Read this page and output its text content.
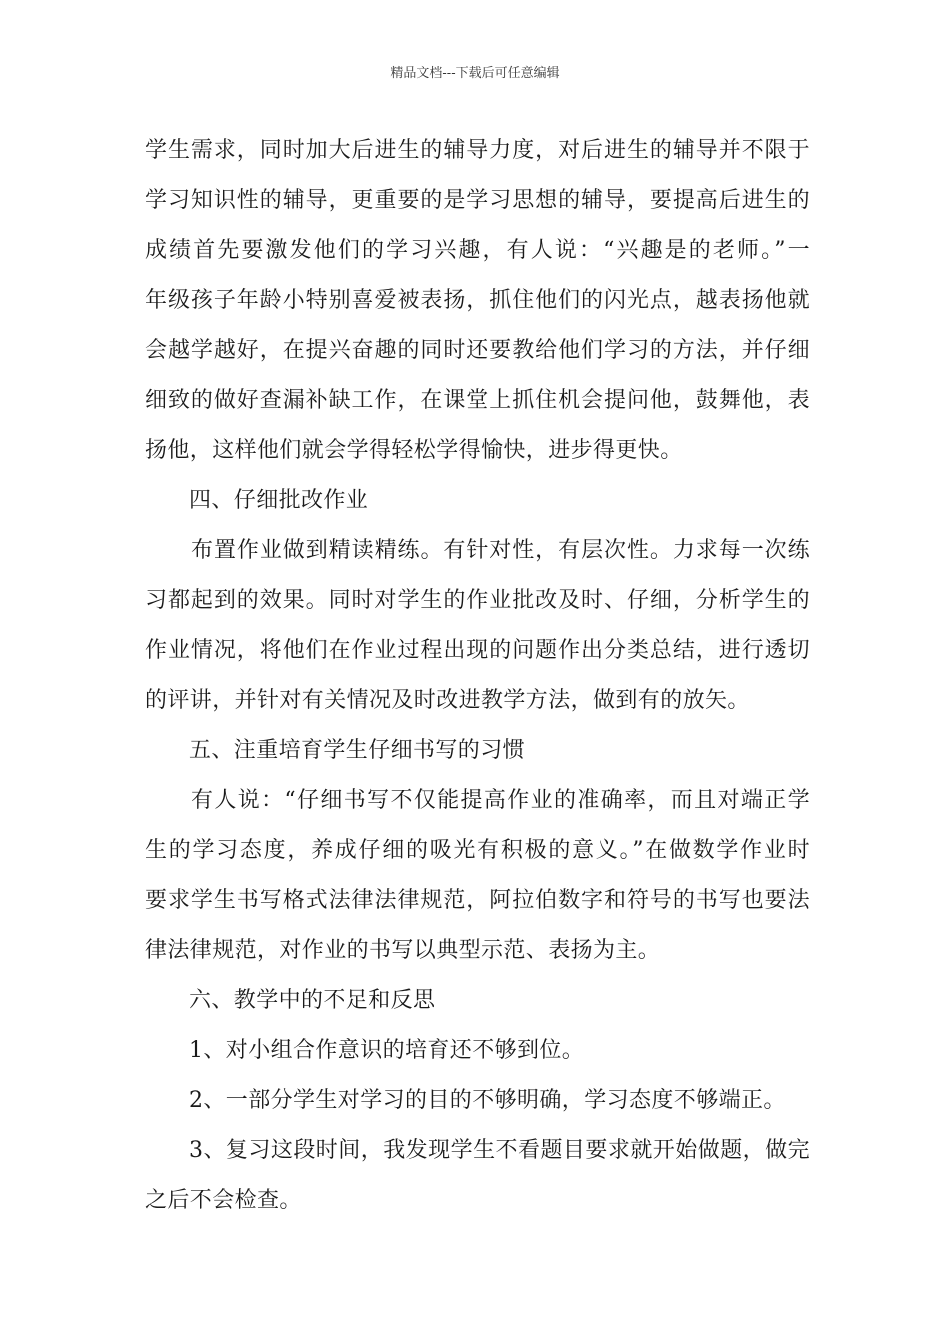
精品文档---下载后可任意编辑
学生需求，同时加大后进生的辅导力度，对后进生的辅导并不限于
学习知识性的辅导，更重要的是学习思想的辅导，要提高后进生的
成绩首先要激发他们的学习兴趣，有人说：“兴趣是的老师。”一
年级孩子年龄小特别喜爱被表扬，抓住他们的闪光点，越表扬他就
会越学越好，在提兴奋趣的同时还要教给他们学习的方法，并仔细
细致的做好查漏补缺工作，在课堂上抓住机会提问他，鼓舞他，表
扬他，这样他们就会学得轻松学得愉快，进步得更快。
四、仔细批改作业
布置作业做到精读精练。有针对性，有层次性。力求每一次练
习都起到的效果。同时对学生的作业批改及时、仔细，分析学生的
作业情况，将他们在作业过程出现的问题作出分类总结，进行透切
的评讲，并针对有关情况及时改进教学方法，做到有的放矢。
五、注重培育学生仔细书写的习惯
有人说：“仔细书写不仅能提高作业的准确率，而且对端正学
生的学习态度，养成仔细的吸光有积极的意义。”在做数学作业时
要求学生书写格式法律法律规范，阿拉伯数字和符号的书写也要法
律法律规范，对作业的书写以典型示范、表扬为主。
六、教学中的不足和反思
1、对小组合作意识的培育还不够到位。
2、一部分学生对学习的目的不够明确，学习态度不够端正。
3、复习这段时间，我发现学生不看题目要求就开始做题，做完
之后不会检查。
